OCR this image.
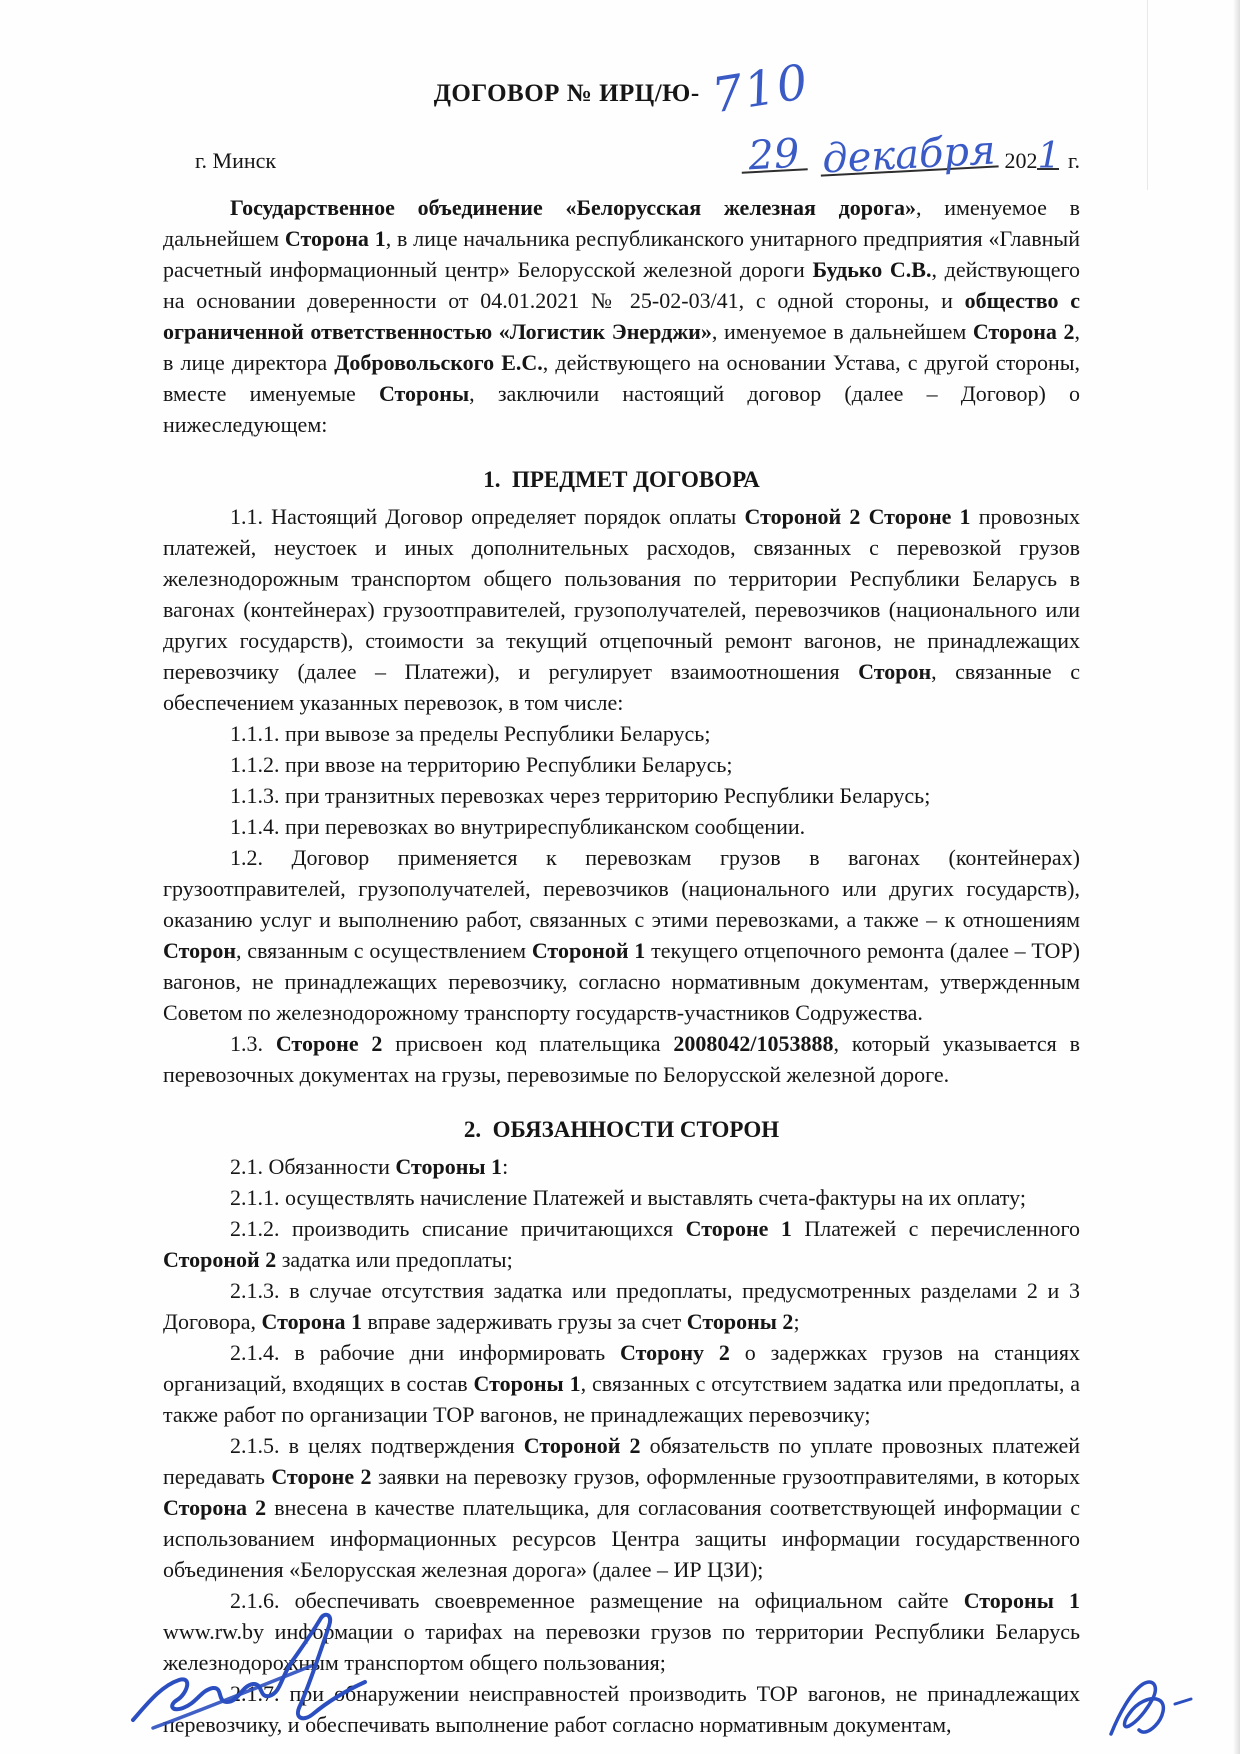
ДОГОВОР № ИРЦ/Ю- 710
г. Минск	29 декабря 2021 г.

Государственное объединение «Белорусская железная дорога», именуемое в дальнейшем Сторона 1, в лице начальника республиканского унитарного предприятия «Главный расчетный информационный центр» Белорусской железной дороги Будько С.В., действующего на основании доверенности от 04.01.2021 № 25-02-03/41, с одной стороны, и общество с ограниченной ответственностью «Логистик Энерджи», именуемое в дальнейшем Сторона 2, в лице директора Добровольского Е.С., действующего на основании Устава, с другой стороны, вместе именуемые Стороны, заключили настоящий договор (далее – Договор) о нижеследующем:

1.  ПРЕДМЕТ ДОГОВОРА

1.1. Настоящий Договор определяет порядок оплаты Стороной 2 Стороне 1 провозных платежей, неустоек и иных дополнительных расходов, связанных с перевозкой грузов железнодорожным транспортом общего пользования по территории Республики Беларусь в вагонах (контейнерах) грузоотправителей, грузополучателей, перевозчиков (национального или других государств), стоимости за текущий отцепочный ремонт вагонов, не принадлежащих перевозчику (далее – Платежи), и регулирует взаимоотношения Сторон, связанные с обеспечением указанных перевозок, в том числе:

1.1.1. при вывозе за пределы Республики Беларусь;

1.1.2. при ввозе на территорию Республики Беларусь;

1.1.3. при транзитных перевозках через территорию Республики Беларусь;

1.1.4. при перевозках во внутриреспубликанском сообщении.

1.2. Договор применяется к перевозкам грузов в вагонах (контейнерах) грузоотправителей, грузополучателей, перевозчиков (национального или других государств), оказанию услуг и выполнению работ, связанных с этими перевозками, а также – к отношениям Сторон, связанным с осуществлением Стороной 1 текущего отцепочного ремонта (далее – ТОР) вагонов, не принадлежащих перевозчику, согласно нормативным документам, утвержденным Советом по железнодорожному транспорту государств-участников Содружества.

1.3. Стороне 2 присвоен код плательщика 2008042/1053888, который указывается в перевозочных документах на грузы, перевозимые по Белорусской железной дороге.

2.  ОБЯЗАННОСТИ СТОРОН

2.1. Обязанности Стороны 1:

2.1.1. осуществлять начисление Платежей и выставлять счета-фактуры на их оплату;

2.1.2. производить списание причитающихся Стороне 1 Платежей с перечисленного Стороной 2 задатка или предоплаты;

2.1.3. в случае отсутствия задатка или предоплаты, предусмотренных разделами 2 и 3 Договора, Сторона 1 вправе задерживать грузы за счет Стороны 2;

2.1.4. в рабочие дни информировать Сторону 2 о задержках грузов на станциях организаций, входящих в состав Стороны 1, связанных с отсутствием задатка или предоплаты, а также работ по организации ТОР вагонов, не принадлежащих перевозчику;

2.1.5. в целях подтверждения Стороной 2 обязательств по уплате провозных платежей передавать Стороне 2 заявки на перевозку грузов, оформленные грузоотправителями, в которых Сторона 2 внесена в качестве плательщика, для согласования соответствующей информации с использованием информационных ресурсов Центра защиты информации государственного объединения «Белорусская железная дорога» (далее – ИР ЦЗИ);

2.1.6. обеспечивать своевременное размещение на официальном сайте Стороны 1 www.rw.by информации о тарифах на перевозки грузов по территории Республики Беларусь железнодорожным транспортом общего пользования;

2.1.7. при обнаружении неисправностей производить ТОР вагонов, не принадлежащих перевозчику, и обеспечивать выполнение работ согласно нормативным документам,
